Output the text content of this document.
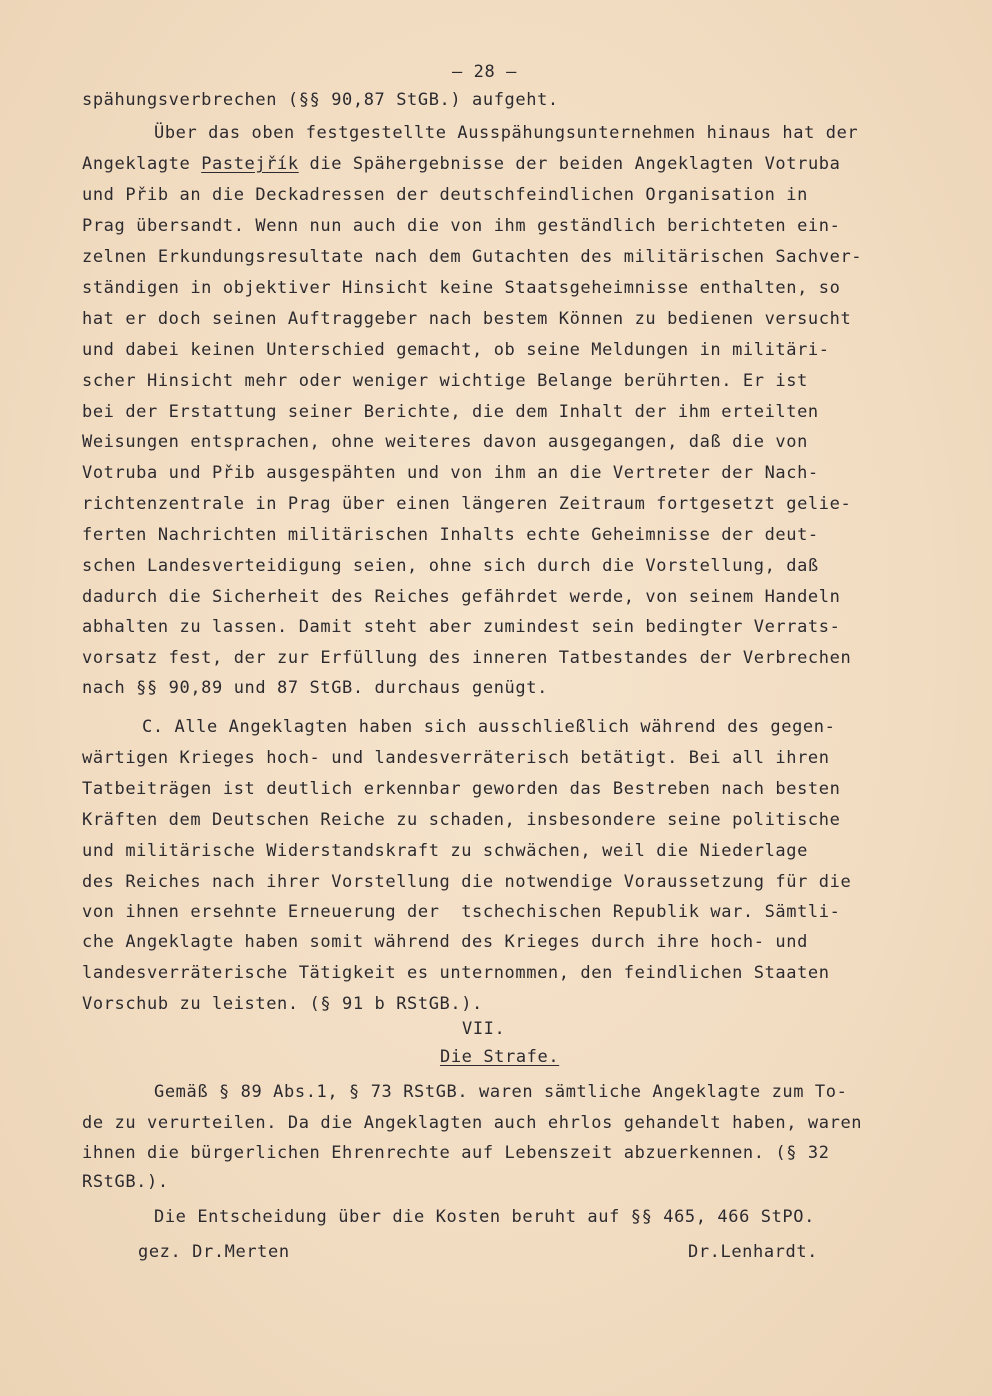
– 28 –
spähungsverbrechen (§§ 90,87 StGB.) aufgeht.
Über das oben festgestellte Ausspähungsunternehmen hinaus hat der
Angeklagte Pastejřík die Spähergebnisse der beiden Angeklagten Votruba
und Přib an die Deckadressen der deutschfeindlichen Organisation in
Prag übersandt. Wenn nun auch die von ihm geständlich berichteten ein-
zelnen Erkundungsresultate nach dem Gutachten des militärischen Sachver-
ständigen in objektiver Hinsicht keine Staatsgeheimnisse enthalten, so
hat er doch seinen Auftraggeber nach bestem Können zu bedienen versucht
und dabei keinen Unterschied gemacht, ob seine Meldungen in militäri-
scher Hinsicht mehr oder weniger wichtige Belange berührten. Er ist
bei der Erstattung seiner Berichte, die dem Inhalt der ihm erteilten
Weisungen entsprachen, ohne weiteres davon ausgegangen, daß die von
Votruba und Přib ausgespähten und von ihm an die Vertreter der Nach-
richtenzentrale in Prag über einen längeren Zeitraum fortgesetzt gelie-
ferten Nachrichten militärischen Inhalts echte Geheimnisse der deut-
schen Landesverteidigung seien, ohne sich durch die Vorstellung, daß
dadurch die Sicherheit des Reiches gefährdet werde, von seinem Handeln
abhalten zu lassen. Damit steht aber zumindest sein bedingter Verrats-
vorsatz fest, der zur Erfüllung des inneren Tatbestandes der Verbrechen
nach §§ 90,89 und 87 StGB. durchaus genügt.
C. Alle Angeklagten haben sich ausschließlich während des gegen-
wärtigen Krieges hoch- und landesverräterisch betätigt. Bei all ihren
Tatbeiträgen ist deutlich erkennbar geworden das Bestreben nach besten
Kräften dem Deutschen Reiche zu schaden, insbesondere seine politische
und militärische Widerstandskraft zu schwächen, weil die Niederlage
des Reiches nach ihrer Vorstellung die notwendige Voraussetzung für die
von ihnen ersehnte Erneuerung der  tschechischen Republik war. Sämtli-
che Angeklagte haben somit während des Krieges durch ihre hoch- und
landesverräterische Tätigkeit es unternommen, den feindlichen Staaten
Vorschub zu leisten. (§ 91 b RStGB.).
VII.
Die Strafe.
Gemäß § 89 Abs.1, § 73 RStGB. waren sämtliche Angeklagte zum To-
de zu verurteilen. Da die Angeklagten auch ehrlos gehandelt haben, waren
ihnen die bürgerlichen Ehrenrechte auf Lebenszeit abzuerkennen. (§ 32
RStGB.).
Die Entscheidung über die Kosten beruht auf §§ 465, 466 StPO.
gez. Dr.Merten	Dr.Lenhardt.
